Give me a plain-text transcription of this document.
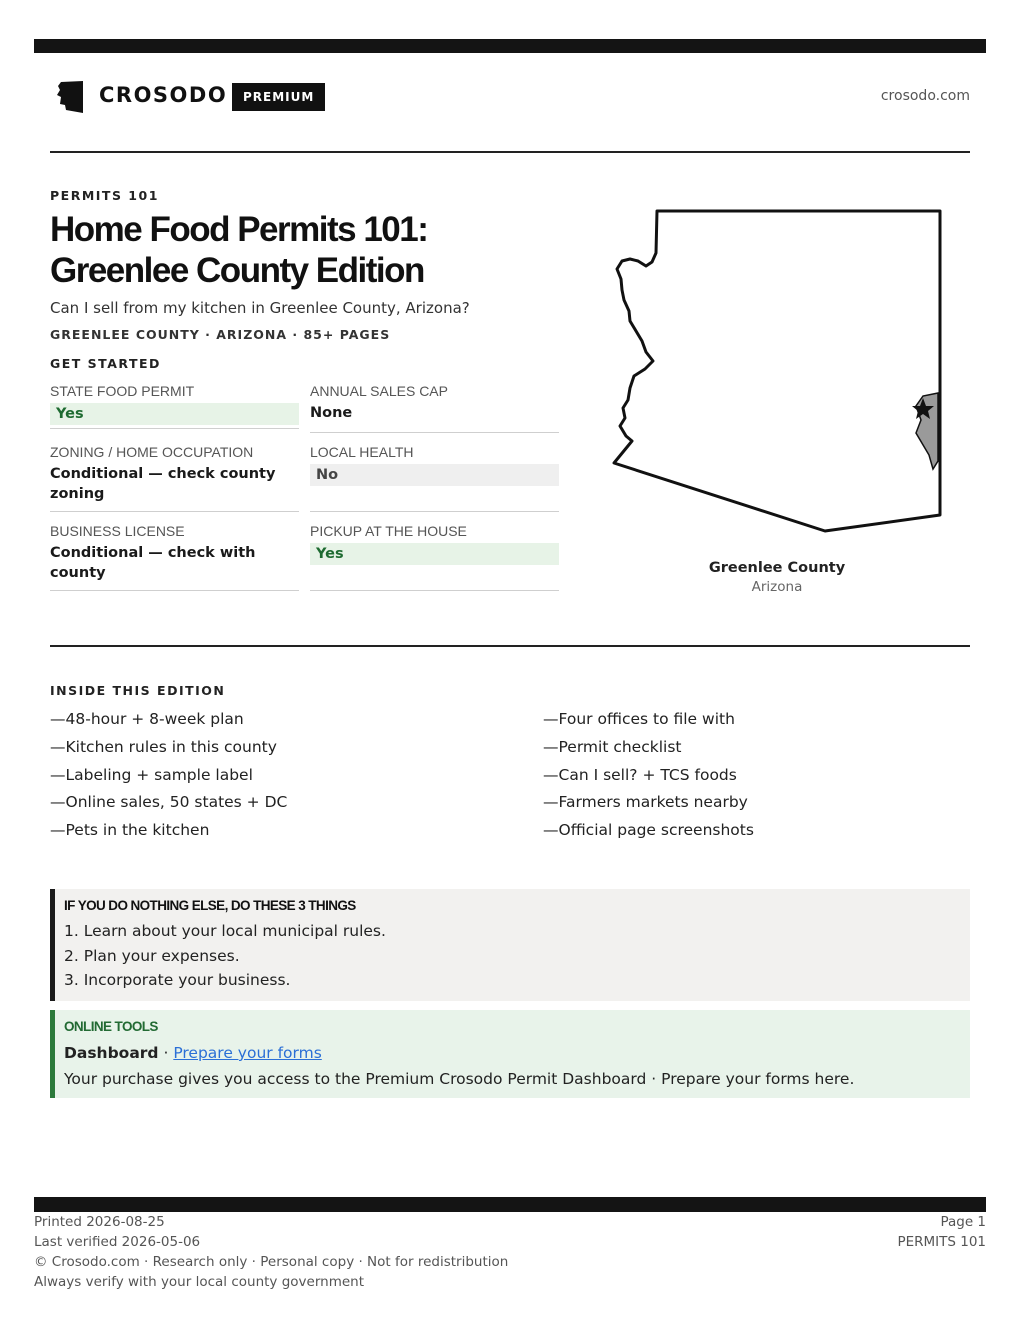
CROSODO	PREMIUM	crosodo.com
PERMITS 101
Home Food Permits 101:
Greenlee County Edition
Can I sell from my kitchen in Greenlee County, Arizona?
GREENLEE COUNTY · ARIZONA · 85+ PAGES
GET STARTED
STATE FOOD PERMIT
Yes
ANNUAL SALES CAP
None
ZONING / HOME OCCUPATION
Conditional — check county zoning
LOCAL HEALTH
No
BUSINESS LICENSE
Conditional — check with county
PICKUP AT THE HOUSE
Yes
Greenlee County
Arizona
INSIDE THIS EDITION
—48-hour + 8-week plan
—Kitchen rules in this county
—Labeling + sample label
—Online sales, 50 states + DC
—Pets in the kitchen
—Four offices to file with
—Permit checklist
—Can I sell? + TCS foods
—Farmers markets nearby
—Official page screenshots
IF YOU DO NOTHING ELSE, DO THESE 3 THINGS
1. Learn about your local municipal rules.
2. Plan your expenses.
3. Incorporate your business.
ONLINE TOOLS
Dashboard · Prepare your forms
Your purchase gives you access to the Premium Crosodo Permit Dashboard · Prepare your forms here.
Printed 2026-08-25
Last verified 2026-05-06
© Crosodo.com · Research only · Personal copy · Not for redistribution
Always verify with your local county government
Page 1
PERMITS 101
